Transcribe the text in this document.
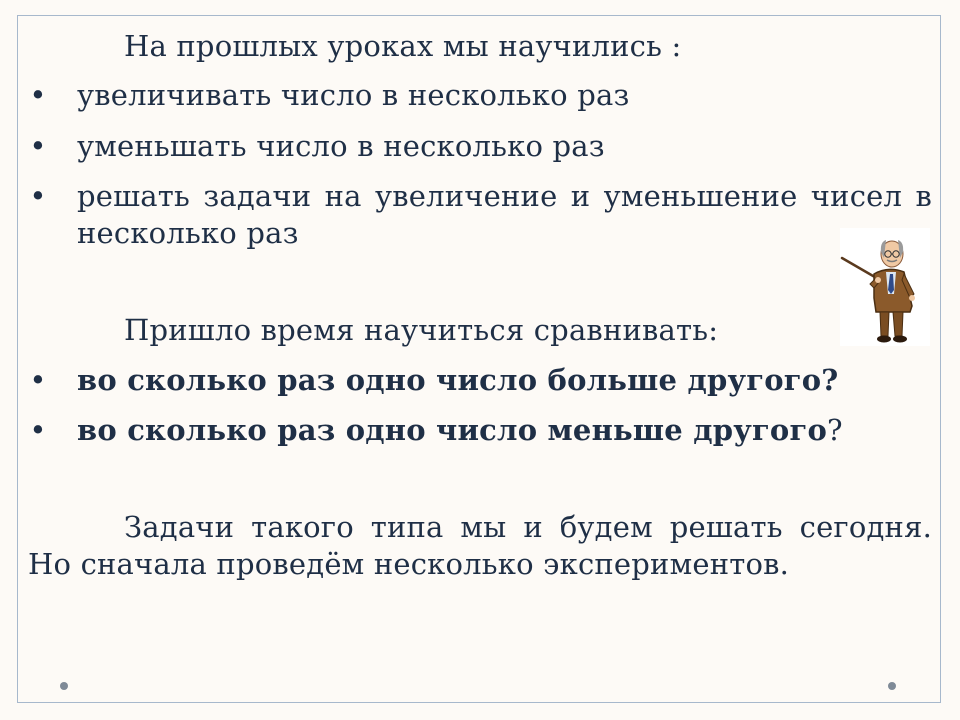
На прошлых уроках мы научились :

• увеличивать число в несколько раз
• уменьшать число в несколько раз
• решать задачи на увеличение и уменьшение чисел в несколько раз

Пришло время научиться сравнивать:

• во сколько раз одно число больше другого?
• во сколько раз одно число меньше другого?

Задачи такого типа мы и будем решать сегодня. Но сначала проведём несколько экспериментов.
